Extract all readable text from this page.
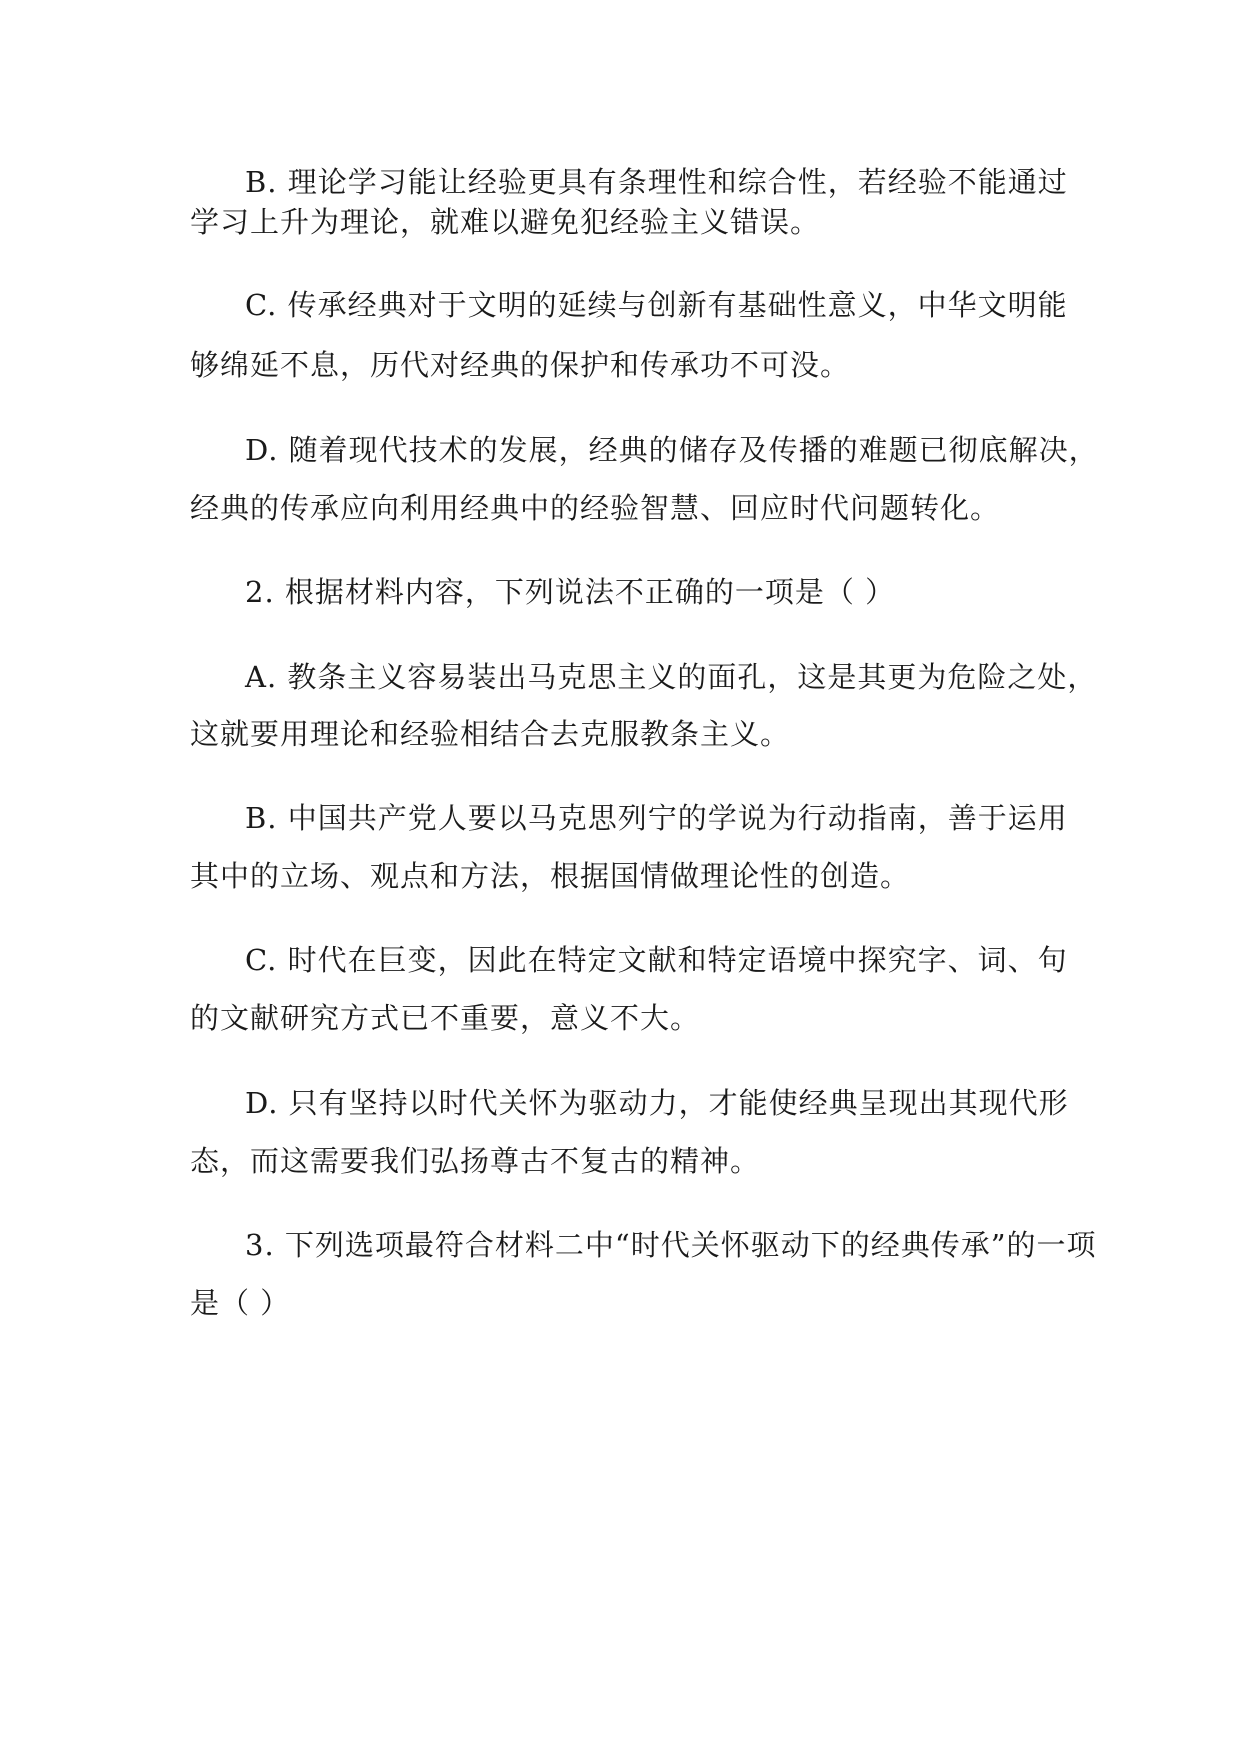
B. 理论学习能让经验更具有条理性和综合性，若经验不能通过
学习上升为理论，就难以避免犯经验主义错误。
C. 传承经典对于文明的延续与创新有基础性意义，中华文明能
够绵延不息，历代对经典的保护和传承功不可没。
D. 随着现代技术的发展，经典的储存及传播的难题已彻底解决，
经典的传承应向利用经典中的经验智慧、回应时代问题转化。
2. 根据材料内容，下列说法不正确的一项是（ ）
A. 教条主义容易装出马克思主义的面孔，这是其更为危险之处，
这就要用理论和经验相结合去克服教条主义。
B. 中国共产党人要以马克思列宁的学说为行动指南，善于运用
其中的立场、观点和方法，根据国情做理论性的创造。
C. 时代在巨变，因此在特定文献和特定语境中探究字、词、句
的文献研究方式已不重要，意义不大。
D. 只有坚持以时代关怀为驱动力，才能使经典呈现出其现代形
态，而这需要我们弘扬尊古不复古的精神。
3. 下列选项最符合材料二中“时代关怀驱动下的经典传承”的一项
是（ ）
